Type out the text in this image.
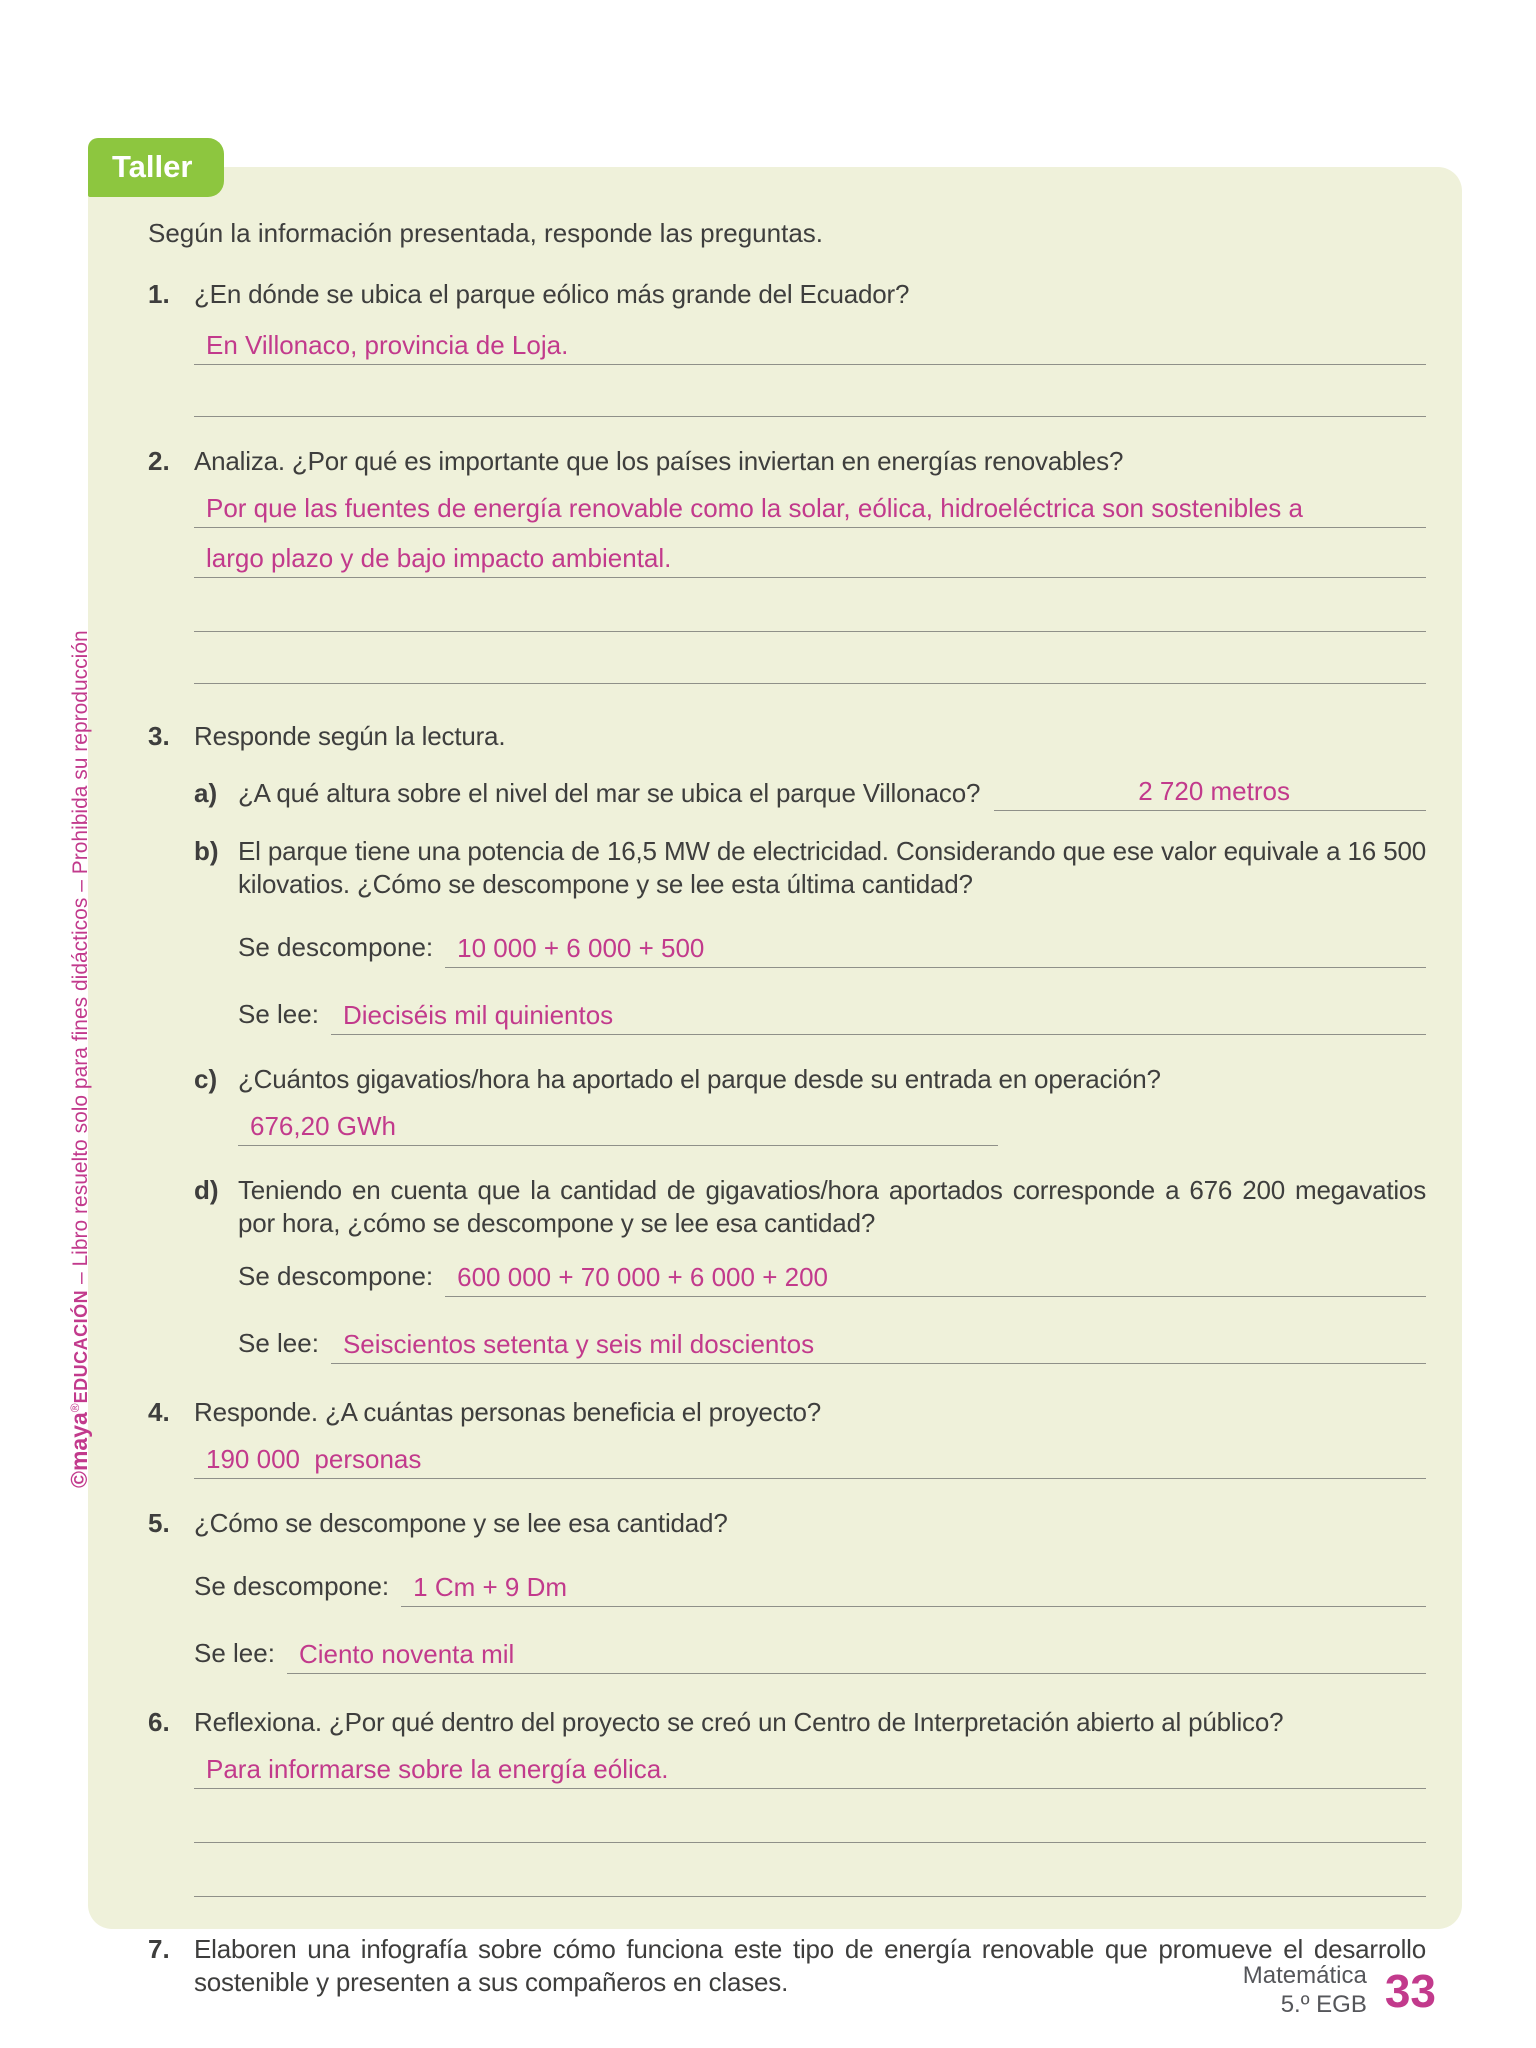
Taller
Según la información presentada, responde las preguntas.
1. ¿En dónde se ubica el parque eólico más grande del Ecuador?
En Villonaco, provincia de Loja.
2. Analiza. ¿Por qué es importante que los países inviertan en energías renovables?
Por que las fuentes de energía renovable como la solar, eólica, hidroeléctrica son sostenibles a
largo plazo y de bajo impacto ambiental.
3. Responde según la lectura.
a) ¿A qué altura sobre el nivel del mar se ubica el parque Villonaco?	2 720 metros
b) El parque tiene una potencia de 16,5 MW de electricidad. Considerando que ese valor equivale a 16 500 kilovatios. ¿Cómo se descompone y se lee esta última cantidad?
Se descompone: 10 000 + 6 000 + 500
Se lee: Dieciséis mil quinientos
c) ¿Cuántos gigavatios/hora ha aportado el parque desde su entrada en operación?
676,20 GWh
d) Teniendo en cuenta que la cantidad de gigavatios/hora aportados corresponde a 676 200 megavatios por hora, ¿cómo se descompone y se lee esa cantidad?
Se descompone: 600 000 + 70 000 + 6 000 + 200
Se lee: Seiscientos setenta y seis mil doscientos
4. Responde. ¿A cuántas personas beneficia el proyecto?
190 000  personas
5. ¿Cómo se descompone y se lee esa cantidad?
Se descompone: 1 Cm + 9 Dm
Se lee: Ciento noventa mil
6. Reflexiona. ¿Por qué dentro del proyecto se creó un Centro de Interpretación abierto al público?
Para informarse sobre la energía eólica.
7. Elaboren una infografía sobre cómo funciona este tipo de energía renovable que promueve el desarrollo sostenible y presenten a sus compañeros en clases.
©maya®EDUCACIÓN – Libro resuelto solo para fines didácticos – Prohibida su reproducción
Matemática
5.º EGB 33
